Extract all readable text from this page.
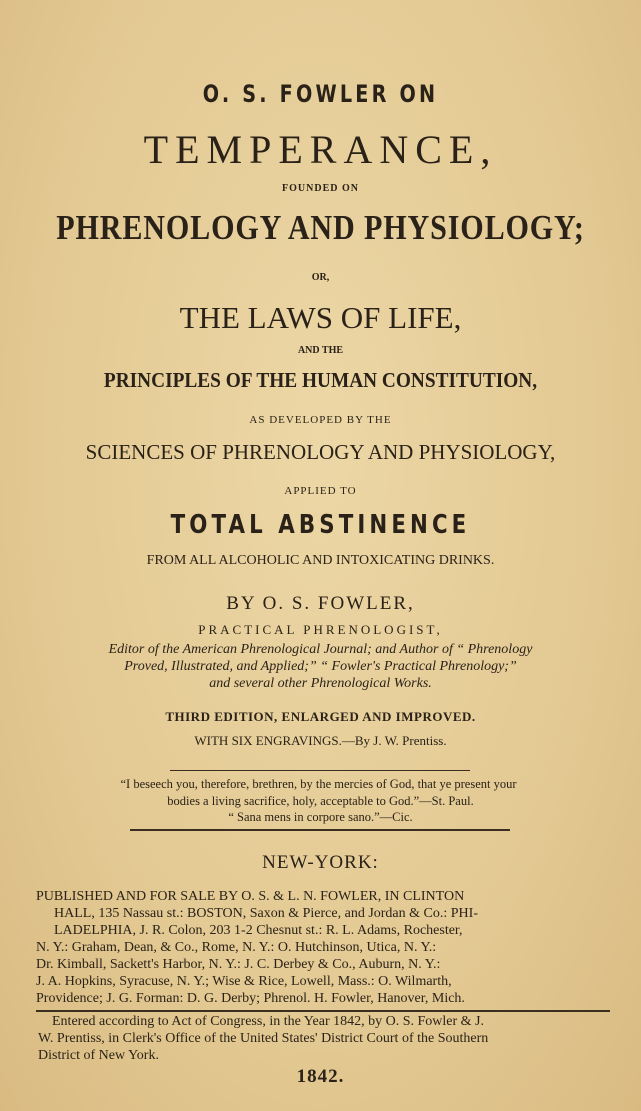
O. S. FOWLER ON
TEMPERANCE,
FOUNDED ON
PHRENOLOGY AND PHYSIOLOGY;
OR,
THE LAWS OF LIFE,
AND THE
PRINCIPLES OF THE HUMAN CONSTITUTION,
AS DEVELOPED BY THE
SCIENCES OF PHRENOLOGY AND PHYSIOLOGY,
APPLIED TO
TOTAL ABSTINENCE
FROM ALL ALCOHOLIC AND INTOXICATING DRINKS.
BY O. S. FOWLER,
PRACTICAL PHRENOLOGIST,
Editor of the American Phrenological Journal; and Author of “ Phrenology
Proved, Illustrated, and Applied;” “ Fowler's Practical Phrenology;”
and several other Phrenological Works.
THIRD EDITION, ENLARGED AND IMPROVED.
WITH SIX ENGRAVINGS.—By J. W. Prentiss.
“I beseech you, therefore, brethren, by the mercies of God, that ye present your
bodies a living sacrifice, holy, acceptable to God.”—St. Paul.
“ Sana mens in corpore sano.”—Cic.
NEW-YORK:
PUBLISHED AND FOR SALE BY O. S. & L. N. FOWLER, IN CLINTON
HALL, 135 Nassau st.: BOSTON, Saxon & Pierce, and Jordan & Co.: PHI-
LADELPHIA, J. R. Colon, 203 1-2 Chesnut st.: R. L. Adams, Rochester,
N. Y.: Graham, Dean, & Co., Rome, N. Y.: O. Hutchinson, Utica, N. Y.:
Dr. Kimball, Sackett's Harbor, N. Y.: J. C. Derbey & Co., Auburn, N. Y.:
J. A. Hopkins, Syracuse, N. Y.; Wise & Rice, Lowell, Mass.: O. Wilmarth,
Providence; J. G. Forman: D. G. Derby; Phrenol. H. Fowler, Hanover, Mich.
Entered according to Act of Congress, in the Year 1842, by O. S. Fowler & J.
W. Prentiss, in Clerk's Office of the United States' District Court of the Southern
District of New York.
1842.
